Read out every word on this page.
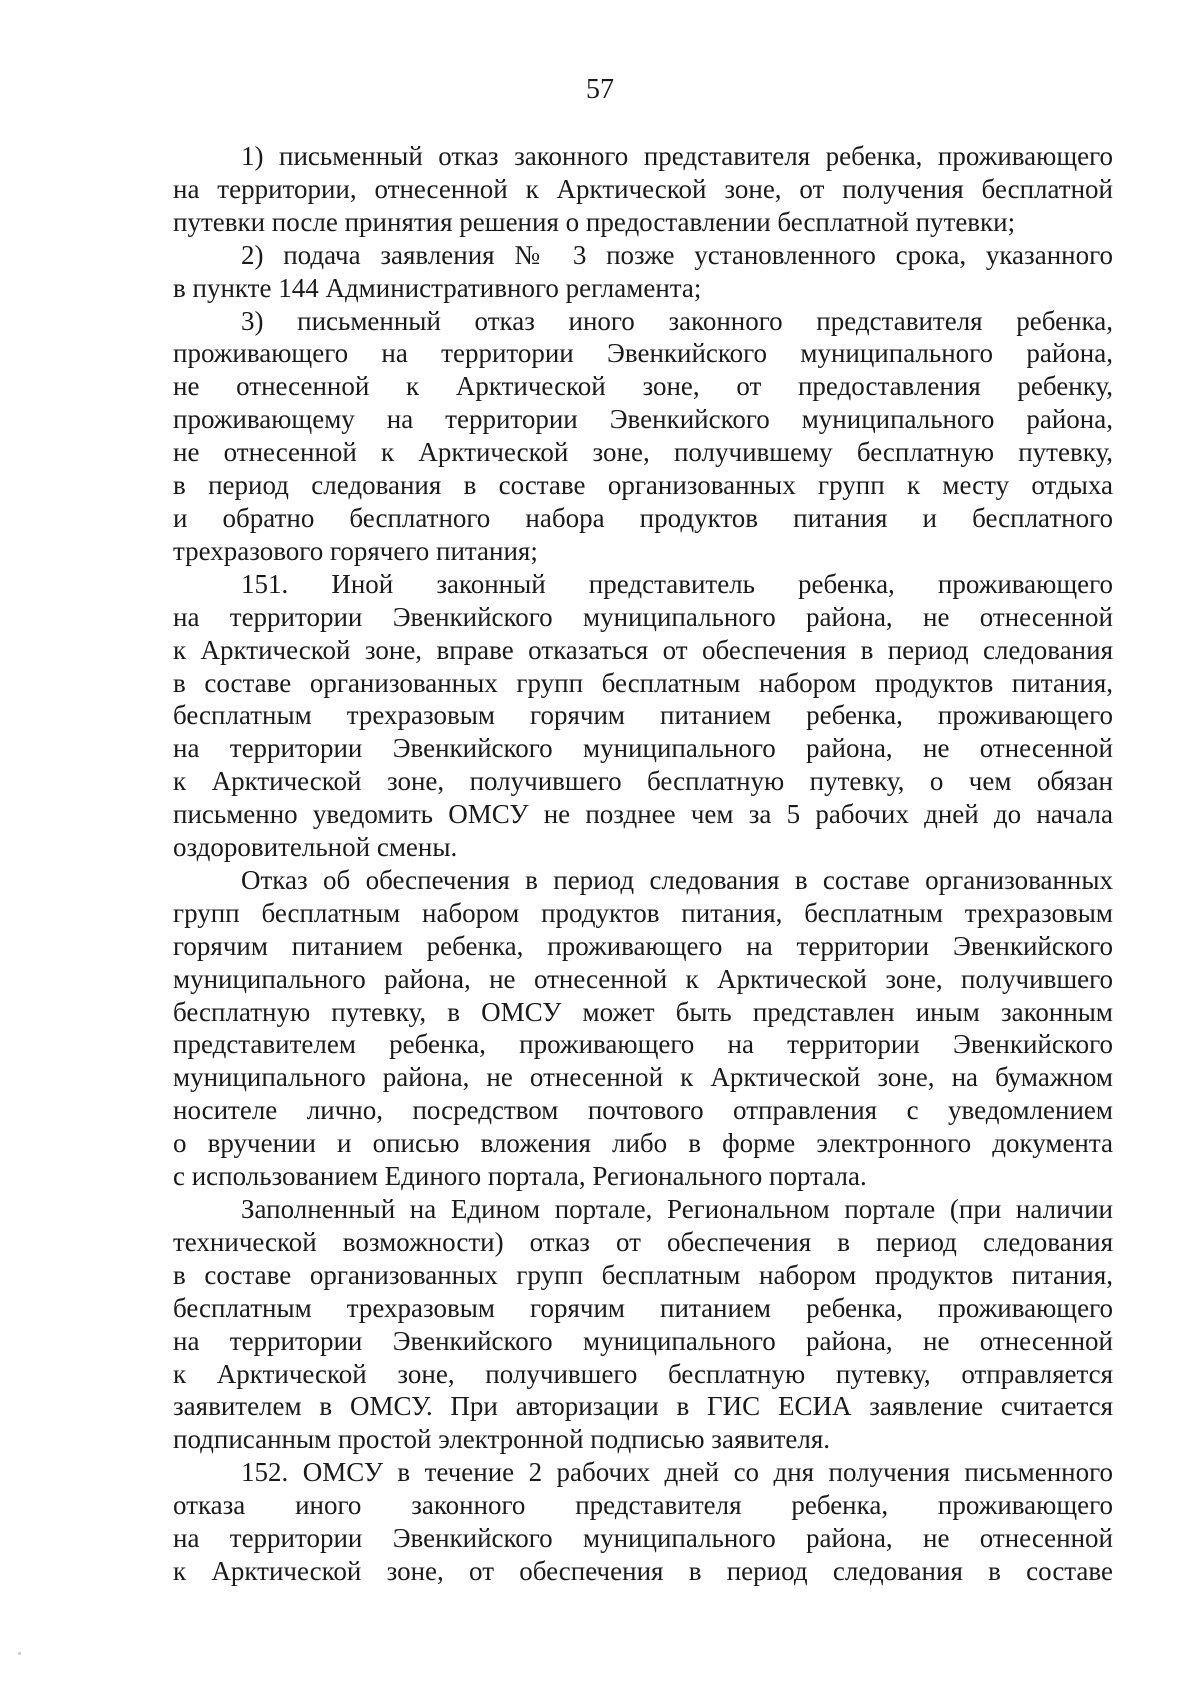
57

1) письменный отказ законного представителя ребенка, проживающего
на территории, отнесенной к Арктической зоне, от получения бесплатной
путевки после принятия решения о предоставлении бесплатной путевки;

2) подача заявления № 3 позже установленного срока, указанного
в пункте 144 Административного регламента;

3) письменный отказ иного законного представителя ребенка,
проживающего на территории Эвенкийского муниципального района,
не отнесенной к Арктической зоне, от предоставления ребенку,
проживающему на территории Эвенкийского муниципального района,
не отнесенной к Арктической зоне, получившему бесплатную путевку,
в период следования в составе организованных групп к месту отдыха
и обратно бесплатного набора продуктов питания и бесплатного
трехразового горячего питания;

151. Иной законный представитель ребенка, проживающего
на территории Эвенкийского муниципального района, не отнесенной
к Арктической зоне, вправе отказаться от обеспечения в период следования
в составе организованных групп бесплатным набором продуктов питания,
бесплатным трехразовым горячим питанием ребенка, проживающего
на территории Эвенкийского муниципального района, не отнесенной
к Арктической зоне, получившего бесплатную путевку, о чем обязан
письменно уведомить ОМСУ не позднее чем за 5 рабочих дней до начала
оздоровительной смены.

Отказ об обеспечения в период следования в составе организованных
групп бесплатным набором продуктов питания, бесплатным трехразовым
горячим питанием ребенка, проживающего на территории Эвенкийского
муниципального района, не отнесенной к Арктической зоне, получившего
бесплатную путевку, в ОМСУ может быть представлен иным законным
представителем ребенка, проживающего на территории Эвенкийского
муниципального района, не отнесенной к Арктической зоне, на бумажном
носителе лично, посредством почтового отправления с уведомлением
о вручении и описью вложения либо в форме электронного документа
с использованием Единого портала, Регионального портала.

Заполненный на Едином портале, Региональном портале (при наличии
технической возможности) отказ от обеспечения в период следования
в составе организованных групп бесплатным набором продуктов питания,
бесплатным трехразовым горячим питанием ребенка, проживающего
на территории Эвенкийского муниципального района, не отнесенной
к Арктической зоне, получившего бесплатную путевку, отправляется
заявителем в ОМСУ. При авторизации в ГИС ЕСИА заявление считается
подписанным простой электронной подписью заявителя.

152. ОМСУ в течение 2 рабочих дней со дня получения письменного
отказа иного законного представителя ребенка, проживающего
на территории Эвенкийского муниципального района, не отнесенной
к Арктической зоне, от обеспечения в период следования в составе
